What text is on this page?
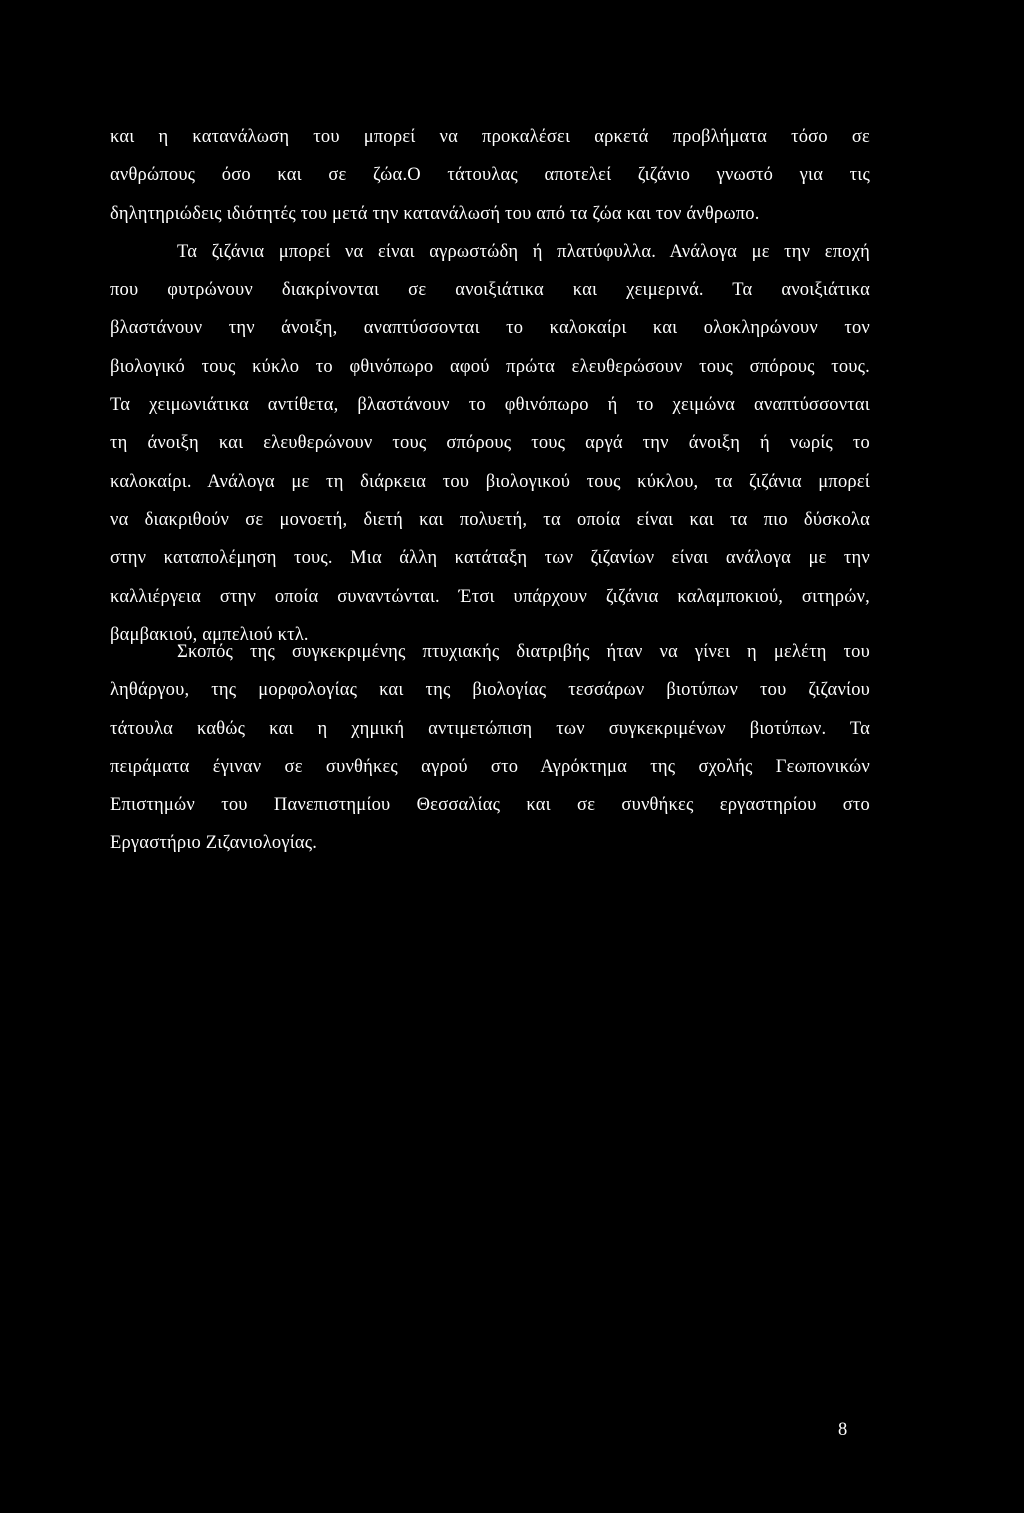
και η κατανάλωση του μπορεί να προκαλέσει αρκετά προβλήματα τόσο σε
ανθρώπους όσο και σε ζώα.Ο τάτουλας αποτελεί ζιζάνιο γνωστό για τις
δηλητηριώδεις ιδιότητές του μετά την κατανάλωσή του από τα ζώα και τον άνθρωπο.
Τα ζιζάνια μπορεί να είναι αγρωστώδη ή πλατύφυλλα. Ανάλογα με την εποχή
που φυτρώνουν διακρίνονται σε ανοιξιάτικα και χειμερινά. Τα ανοιξιάτικα
βλαστάνουν την άνοιξη, αναπτύσσονται το καλοκαίρι και ολοκληρώνουν τον
βιολογικό τους κύκλο το φθινόπωρο αφού πρώτα ελευθερώσουν τους σπόρους τους.
Τα χειμωνιάτικα αντίθετα, βλαστάνουν το φθινόπωρο ή το χειμώνα αναπτύσσονται
τη άνοιξη και ελευθερώνουν τους σπόρους τους αργά την άνοιξη ή νωρίς το
καλοκαίρι. Ανάλογα με τη διάρκεια του βιολογικού τους κύκλου, τα ζιζάνια μπορεί
να διακριθούν σε μονοετή, διετή και πολυετή, τα οποία είναι και τα πιο δύσκολα
στην καταπολέμηση τους. Μια άλλη κατάταξη των ζιζανίων είναι ανάλογα με την
καλλιέργεια στην οποία συναντώνται. Έτσι υπάρχουν ζιζάνια καλαμποκιού, σιτηρών,
βαμβακιού, αμπελιού κτλ.
Σκοπός της συγκεκριμένης πτυχιακής διατριβής ήταν να γίνει η μελέτη του
ληθάργου, της μορφολογίας και της βιολογίας τεσσάρων βιοτύπων του ζιζανίου
τάτουλα καθώς και η χημική αντιμετώπιση των συγκεκριμένων βιοτύπων. Τα
πειράματα έγιναν σε συνθήκες αγρού στο Αγρόκτημα της σχολής Γεωπονικών
Επιστημών του Πανεπιστημίου Θεσσαλίας και σε συνθήκες εργαστηρίου στο
Εργαστήριο Ζιζανιολογίας.
8
